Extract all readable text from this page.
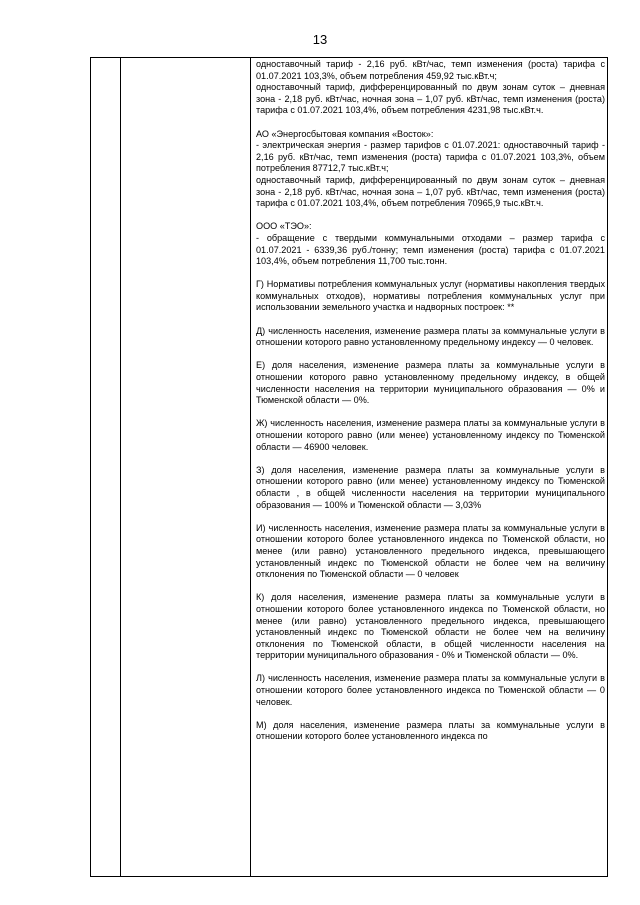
13

одноставочный тариф - 2,16 руб. кВт/час, темп изменения (роста) тарифа с 01.07.2021 103,3%, объем потребления 459,92 тыс.кВт.ч;

одноставочный тариф, дифференцированный по двум зонам суток – дневная зона - 2,18 руб. кВт/час, ночная зона – 1,07 руб. кВт/час, темп изменения (роста) тарифа с 01.07.2021 103,4%, объем потребления 4231,98 тыс.кВт.ч.

АО «Энергосбытовая компания «Восток»:

- электрическая энергия - размер тарифов с 01.07.2021: одноставочный тариф - 2,16 руб. кВт/час, темп изменения (роста) тарифа с 01.07.2021 103,3%, объем потребления 87712,7 тыс.кВт.ч;

одноставочный тариф, дифференцированный по двум зонам суток – дневная зона - 2,18 руб. кВт/час, ночная зона – 1,07 руб. кВт/час, темп изменения (роста) тарифа с 01.07.2021 103,4%, объем потребления 70965,9 тыс.кВт.ч.

ООО «ТЭО»:

- обращение с твердыми коммунальными отходами – размер тарифа с 01.07.2021 - 6339,36 руб./тонну; темп изменения (роста) тарифа с 01.07.2021 103,4%, объем потребления 11,700 тыс.тонн.

Г) Нормативы потребления коммунальных услуг (нормативы накопления твердых коммунальных отходов), нормативы потребления коммунальных услуг при использовании земельного участка и надворных построек: **

Д) численность населения, изменение размера платы за коммунальные услуги в отношении которого равно установленному предельному индексу — 0 человек.

Е) доля населения, изменение размера платы за коммунальные услуги в отношении которого равно установленному предельному индексу, в общей численности населения на территории муниципального образования — 0% и Тюменской области — 0%.

Ж) численность населения, изменение размера платы за коммунальные услуги в отношении которого равно (или менее) установленному индексу по Тюменской области — 46900 человек.

З) доля населения, изменение размера платы за коммунальные услуги в отношении которого равно (или менее) установленному индексу по Тюменской области , в общей численности населения на территории муниципального образования — 100% и Тюменской области — 3,03%

И) численность населения, изменение размера платы за коммунальные услуги в отношении которого более установленного индекса по Тюменской области, но менее (или равно) установленного предельного индекса, превышающего установленный индекс по Тюменской области не более чем на величину отклонения по Тюменской области — 0 человек

К) доля населения, изменение размера платы за коммунальные услуги в отношении которого более установленного индекса по Тюменской области, но менее (или равно) установленного предельного индекса, превышающего установленный индекс по Тюменской области не более чем на величину отклонения по Тюменской области, в общей численности населения на территории муниципального образования - 0% и Тюменской области — 0%.

Л) численность населения, изменение размера платы за коммунальные услуги в отношении которого более установленного индекса по Тюменской области — 0 человек.

М) доля населения, изменение размера платы за коммунальные услуги в отношении которого более установленного индекса по
